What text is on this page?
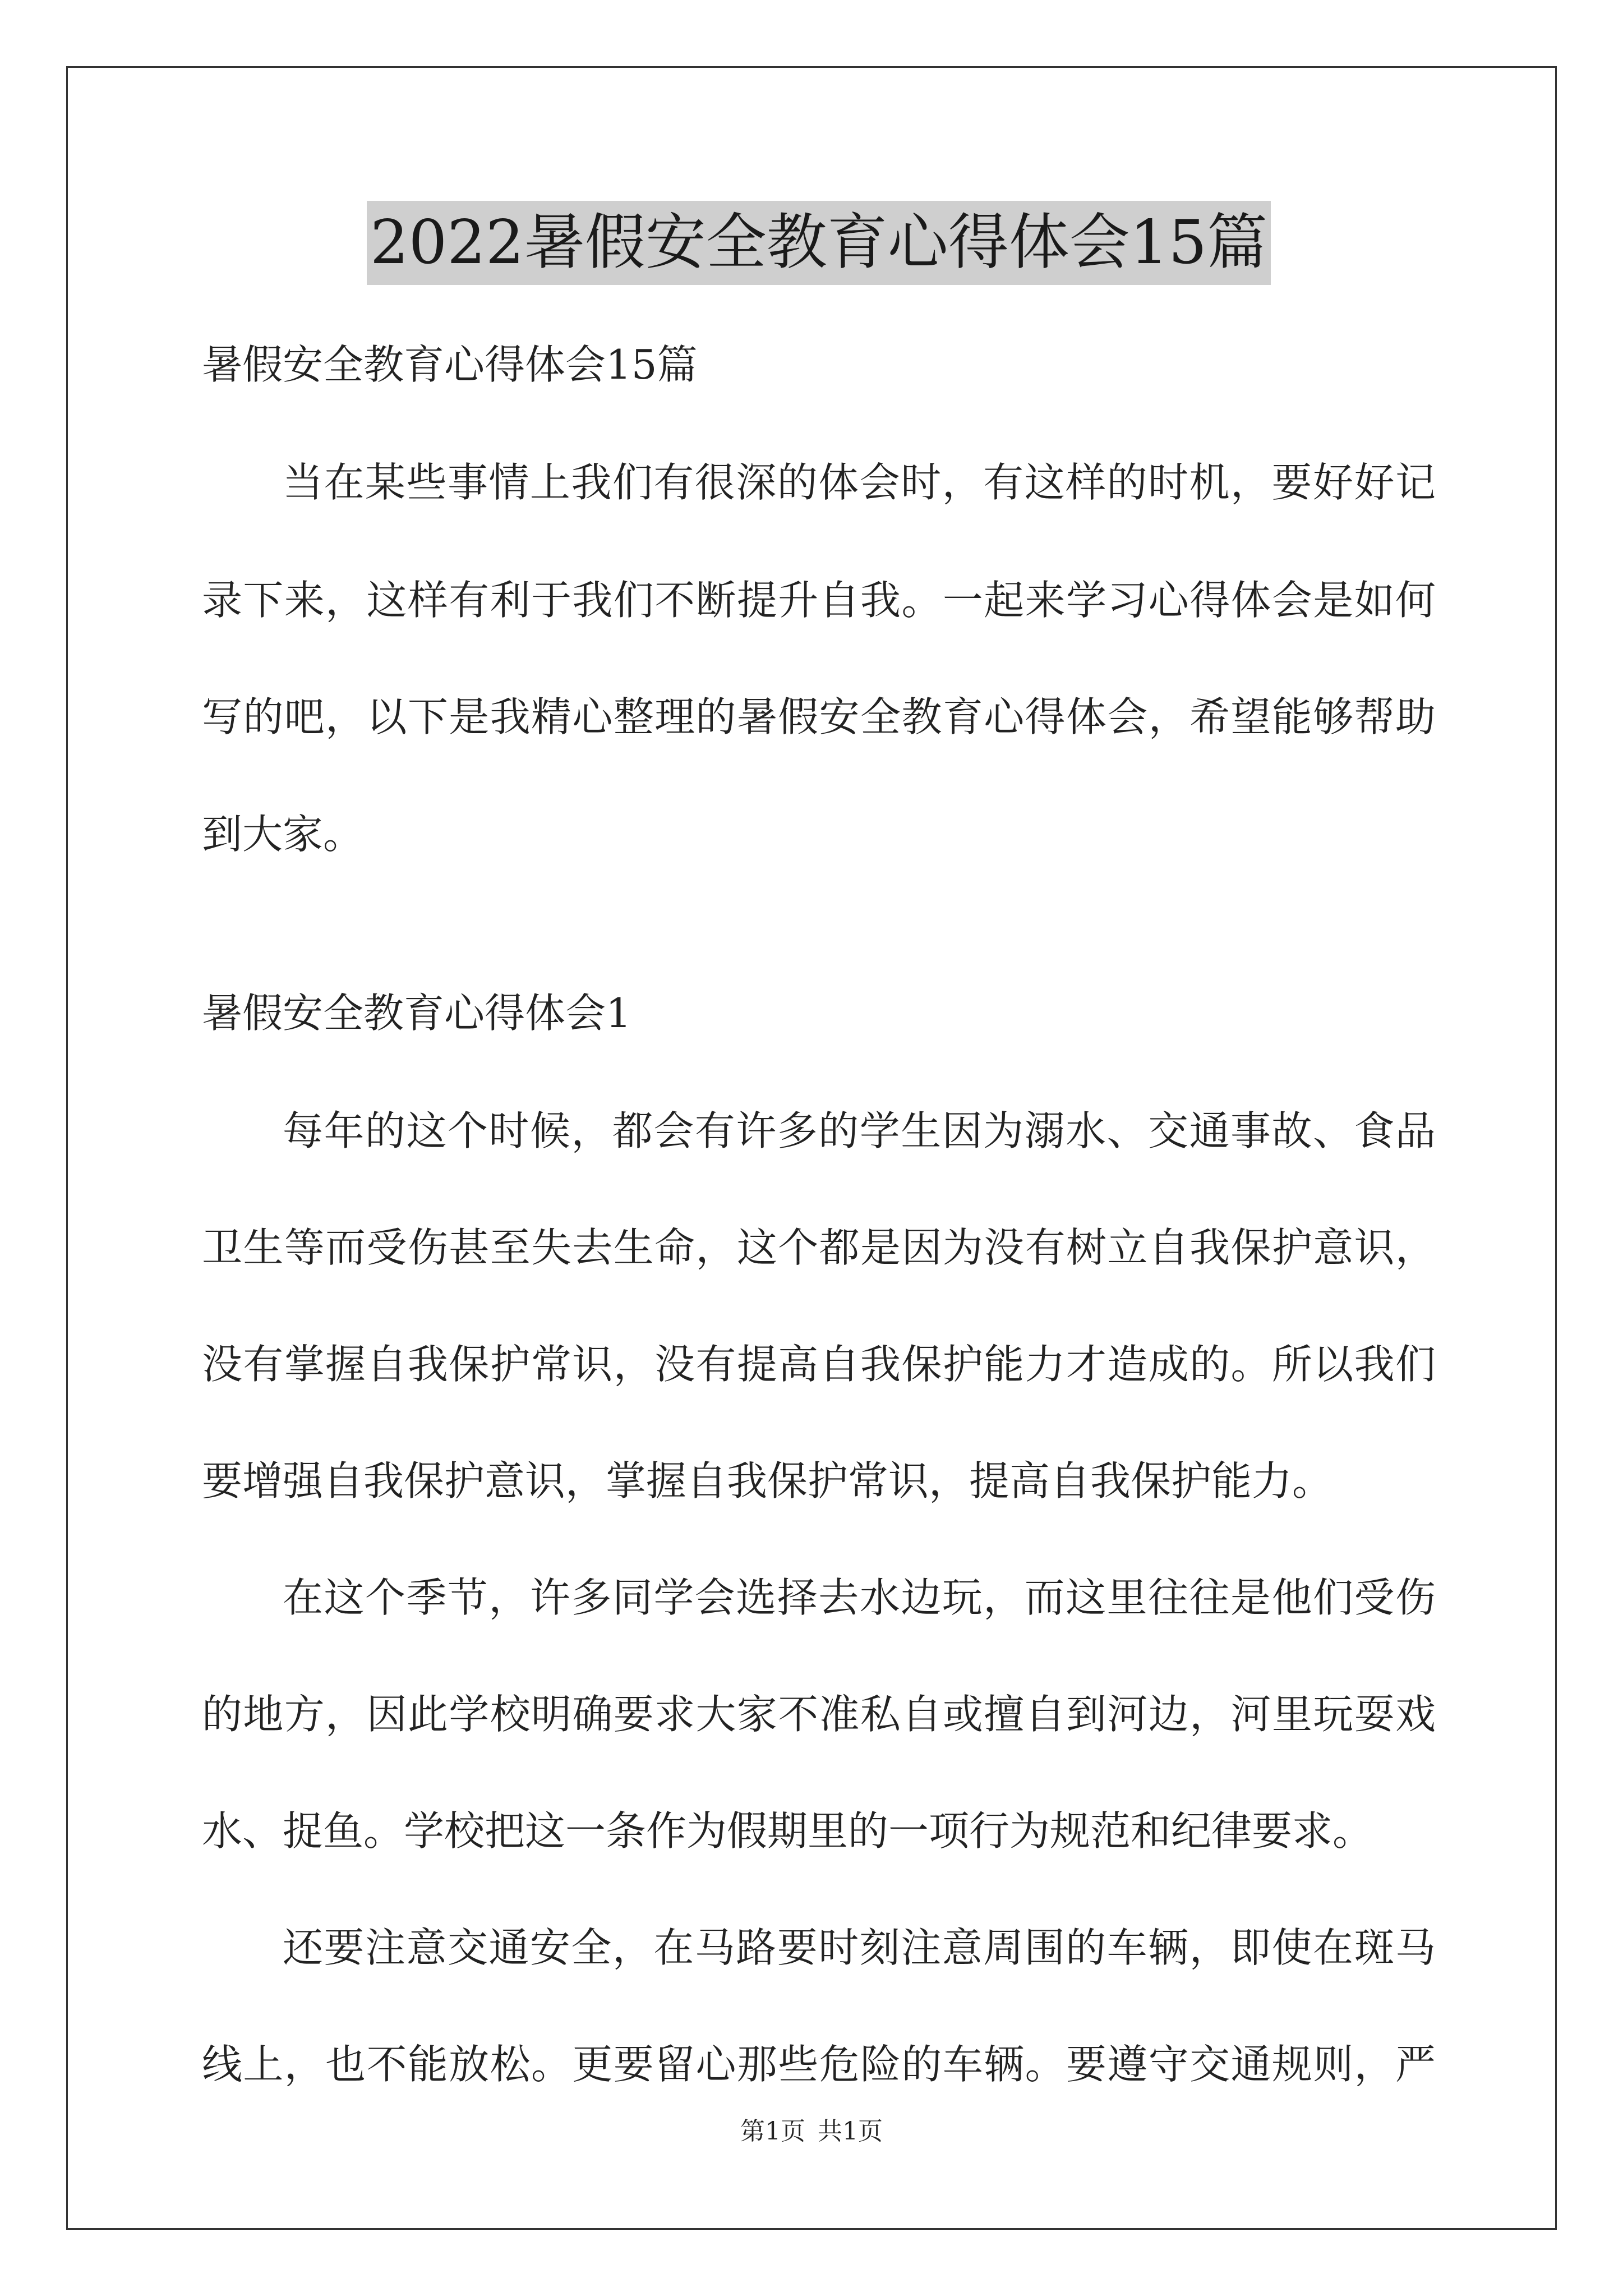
2022暑假安全教育心得体会15篇
暑假安全教育心得体会15篇
当在某些事情上我们有很深的体会时，有这样的时机，要好好记
录下来，这样有利于我们不断提升自我。一起来学习心得体会是如何
写的吧，以下是我精心整理的暑假安全教育心得体会，希望能够帮助
到大家。
暑假安全教育心得体会1
每年的这个时候，都会有许多的学生因为溺水、交通事故、食品
卫生等而受伤甚至失去生命，这个都是因为没有树立自我保护意识，
没有掌握自我保护常识，没有提高自我保护能力才造成的。所以我们
要增强自我保护意识，掌握自我保护常识，提高自我保护能力。
在这个季节，许多同学会选择去水边玩，而这里往往是他们受伤
的地方，因此学校明确要求大家不准私自或擅自到河边，河里玩耍戏
水、捉鱼。学校把这一条作为假期里的一项行为规范和纪律要求。
还要注意交通安全，在马路要时刻注意周围的车辆，即使在斑马
线上，也不能放松。更要留心那些危险的车辆。要遵守交通规则，严
第1页 共1页
